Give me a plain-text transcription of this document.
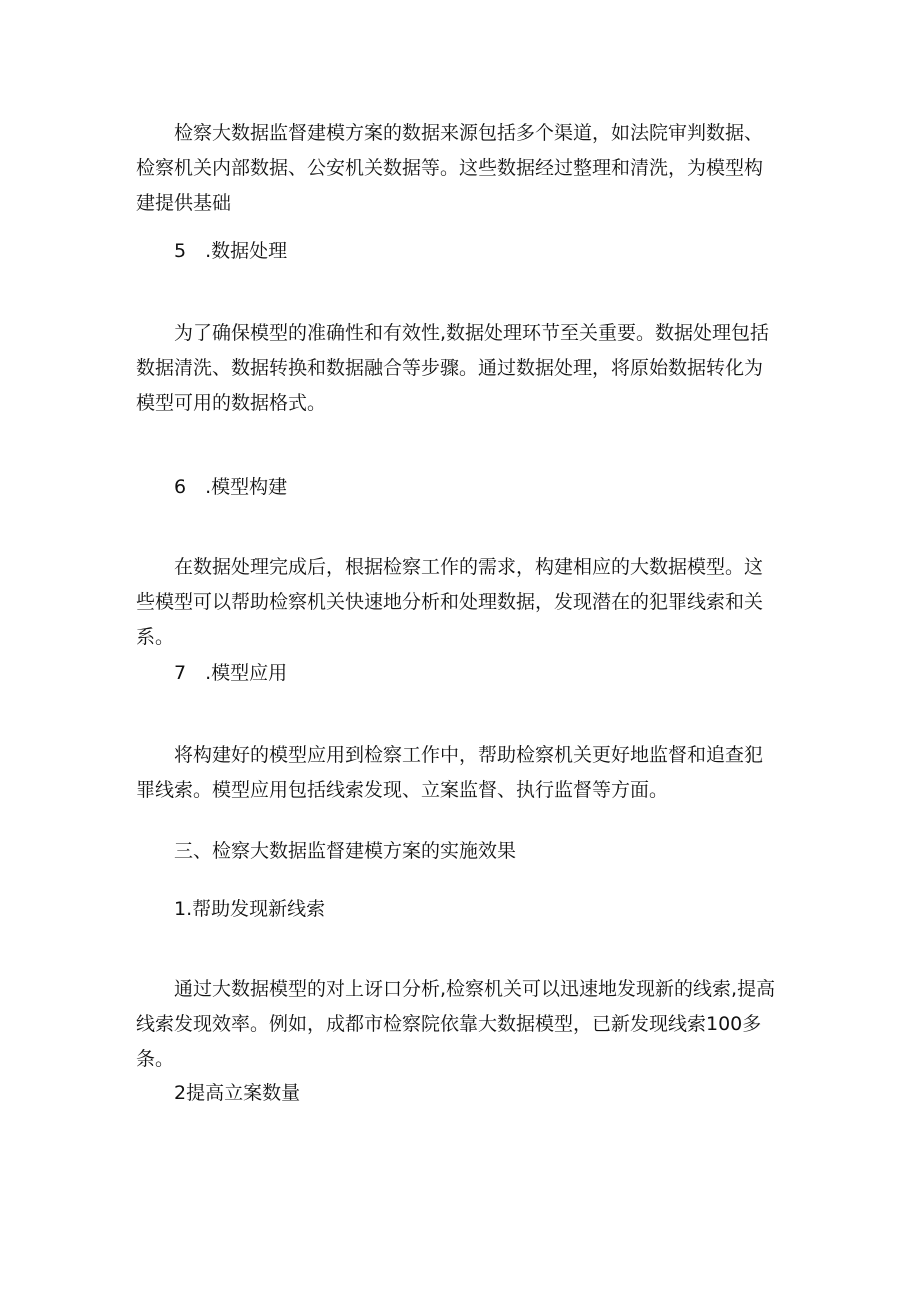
检察大数据监督建模方案的数据来源包括多个渠道，如法院审判数据、检察机关内部数据、公安机关数据等。这些数据经过整理和清洗，为模型构建提供基础

5　.数据处理

为了确保模型的准确性和有效性,数据处理环节至关重要。数据处理包括数据清洗、数据转换和数据融合等步骤。通过数据处理，将原始数据转化为模型可用的数据格式。

6　.模型构建

在数据处理完成后，根据检察工作的需求，构建相应的大数据模型。这些模型可以帮助检察机关快速地分析和处理数据，发现潜在的犯罪线索和关系。

7　.模型应用

将构建好的模型应用到检察工作中，帮助检察机关更好地监督和追查犯罪线索。模型应用包括线索发现、立案监督、执行监督等方面。

三、检察大数据监督建模方案的实施效果

1.帮助发现新线索

通过大数据模型的对上讶口分析,检察机关可以迅速地发现新的线索,提高线索发现效率。例如，成都市检察院依靠大数据模型，已新发现线索100多条。

2提高立案数量
